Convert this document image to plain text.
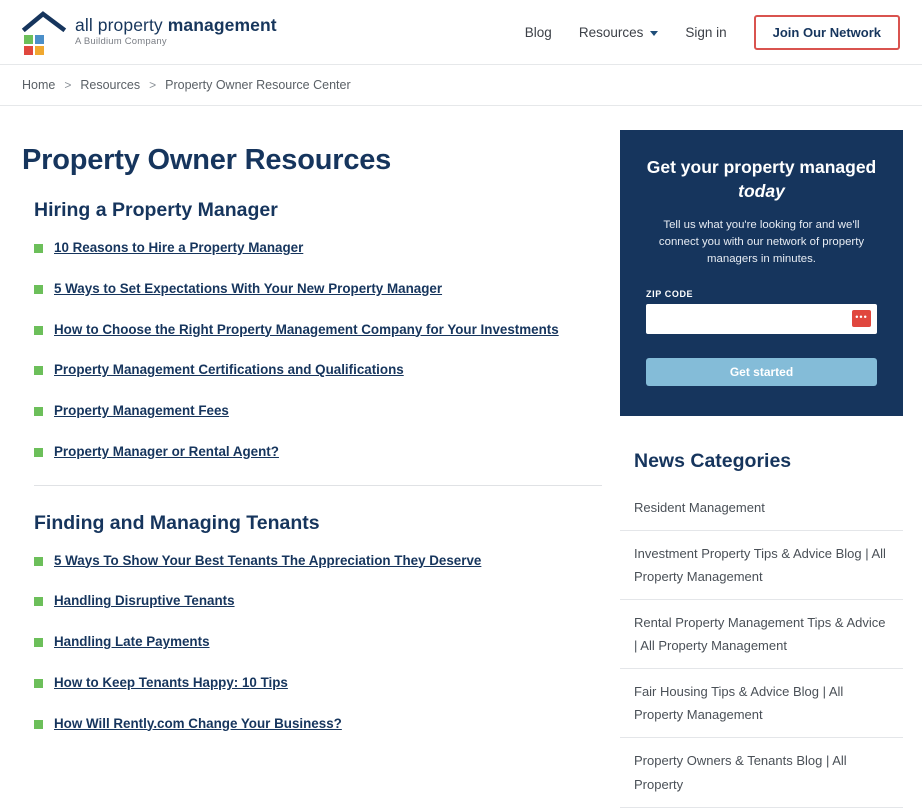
all property management
A Buildium Company
Blog Resources	Sign in	Join Our Network
Home > Resources > Property Owner Resource Center
Property Owner Resources
Hiring a Property Manager
10 Reasons to Hire a Property Manager
5 Ways to Set Expectations With Your New Property Manager
How to Choose the Right Property Management Company for Your Investments
Property Management Certifications and Qualifications
Property Management Fees
Property Manager or Rental Agent?
Finding and Managing Tenants
5 Ways To Show Your Best Tenants The Appreciation They Deserve
Handling Disruptive Tenants
Handling Late Payments
How to Keep Tenants Happy: 10 Tips
How Will Rently.com Change Your Business?
Get your property managed
today
Tell us what you're looking for and we'll connect you with our network of property managers in minutes.
ZIP CODE
•••
Get started
News Categories
Resident Management
Investment Property Tips & Advice Blog | All Property Management
Rental Property Management Tips & Advice | All Property Management
Fair Housing Tips & Advice Blog | All Property Management
Property Owners & Tenants Blog | All Property
